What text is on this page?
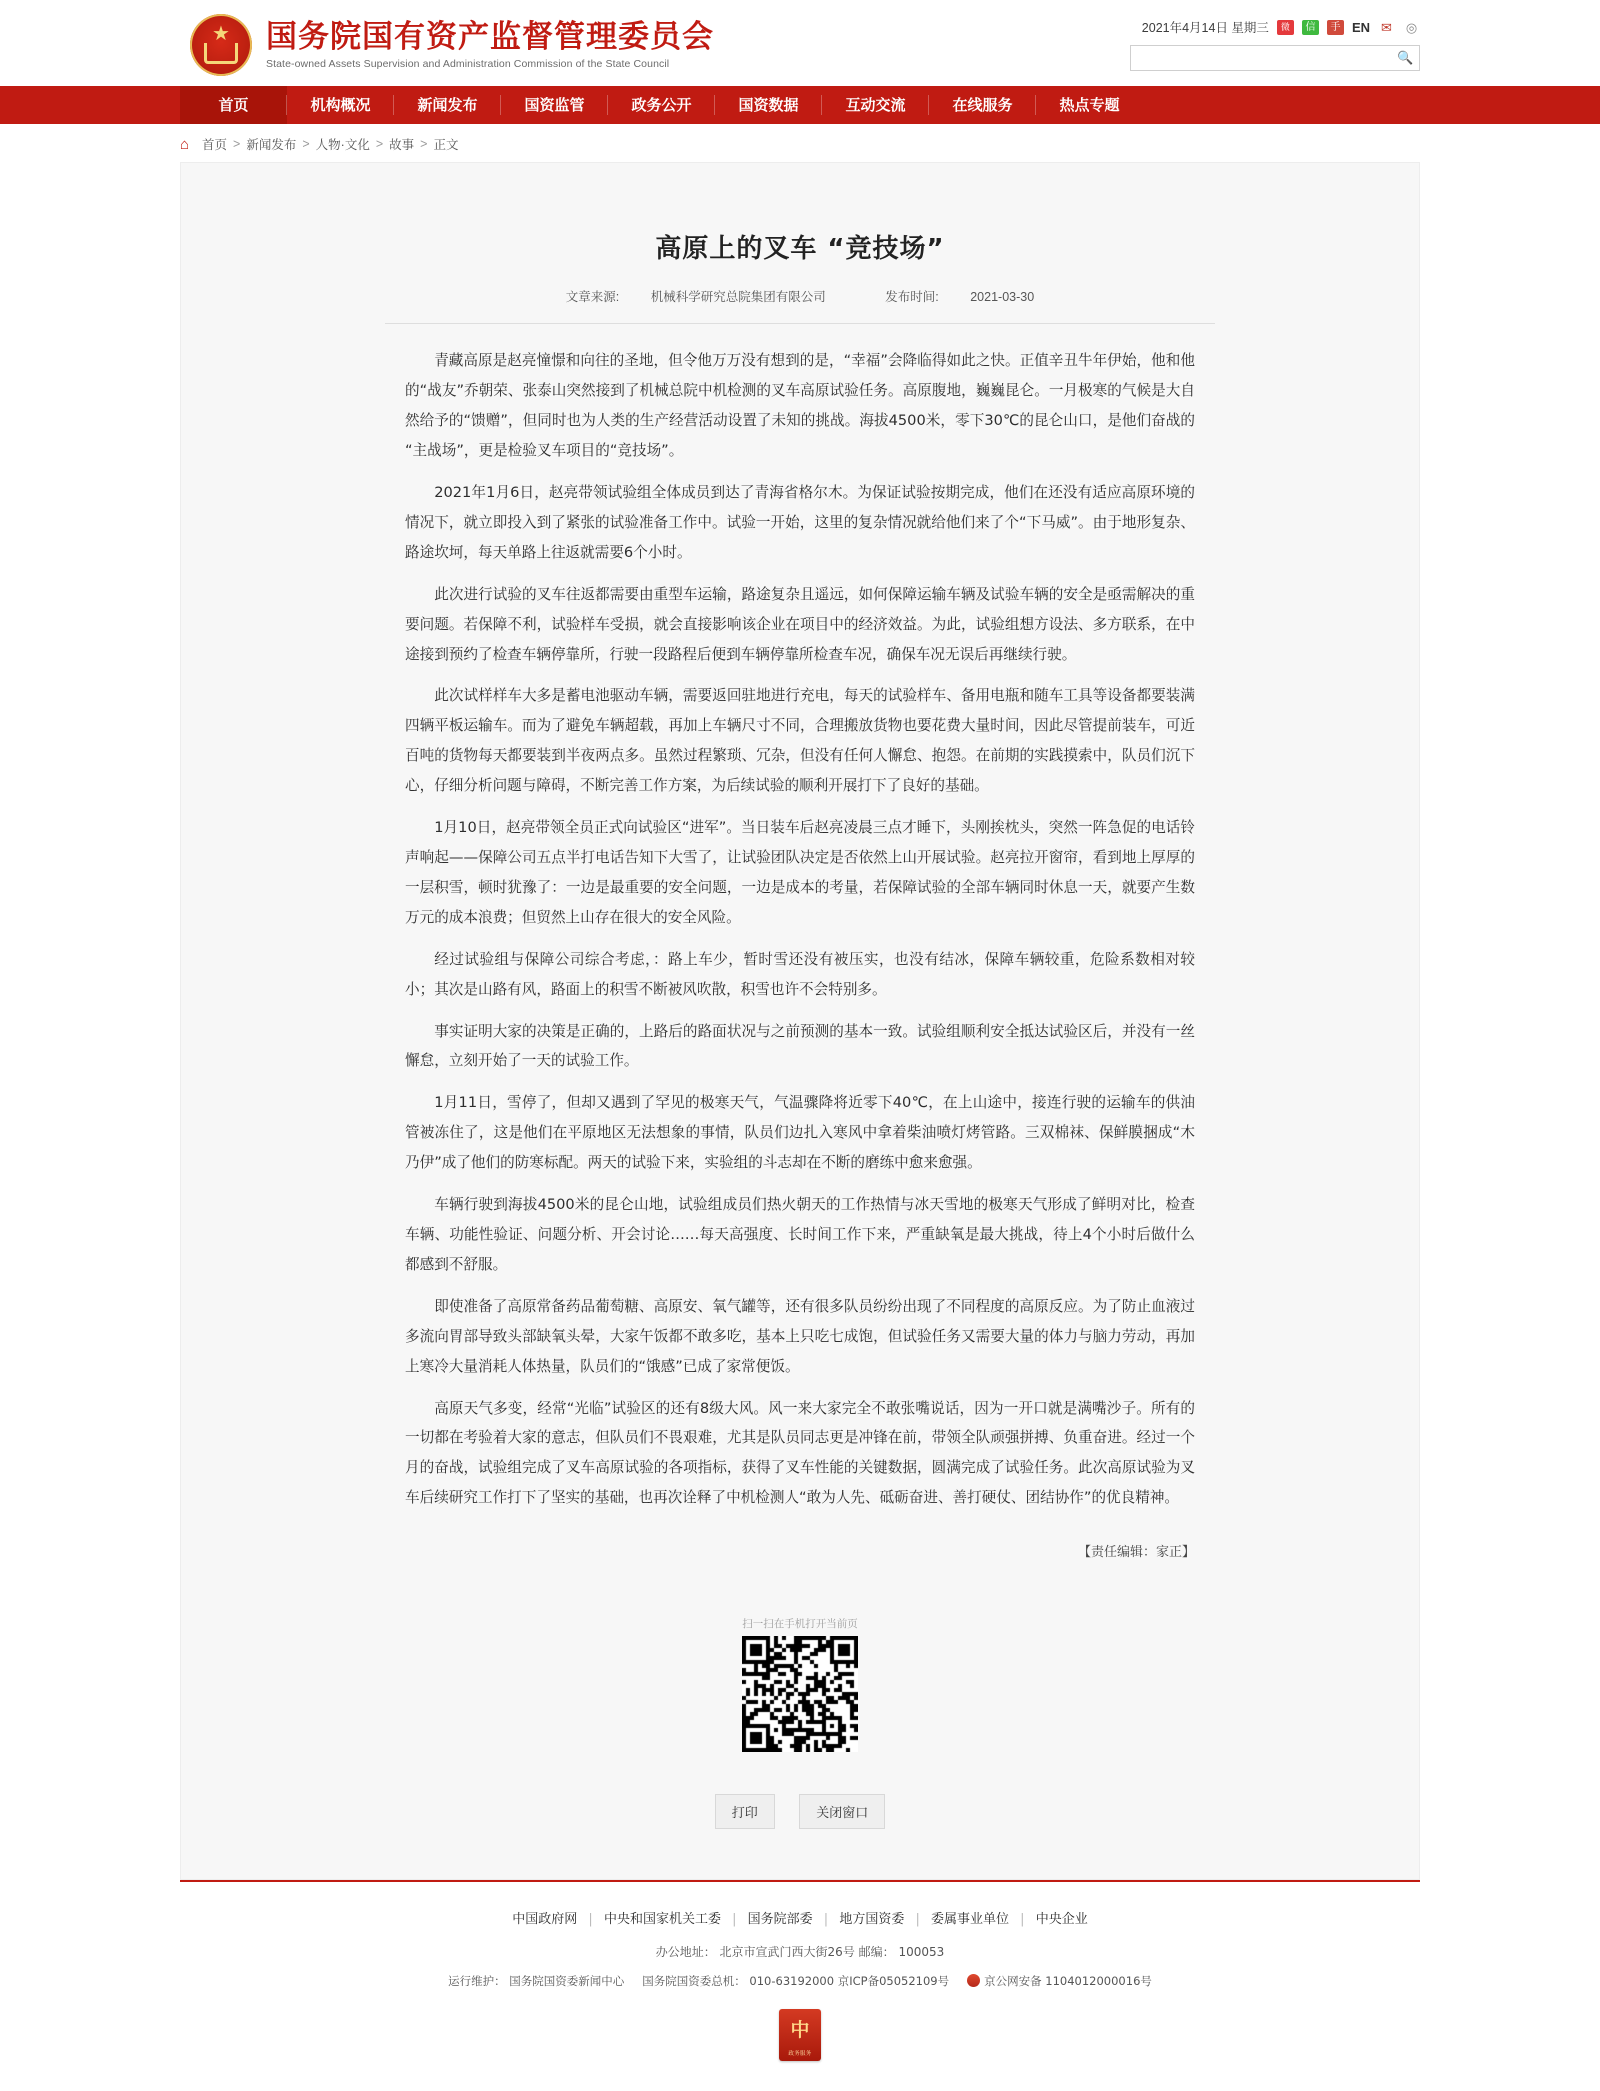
★
国务院国有资产监督管理委员会
State-owned Assets Supervision and Administration Commission of the State Council
2021年4月14日 星期三	微	信	手 EN ✉ ◎
🔍
首页	机构概况	新闻发布	国资监管	政务公开	国资数据	互动交流	在线服务	热点专题
⌂
首页 > 新闻发布 > 人物·文化 > 故事 > 正文
高原上的叉车 “竞技场”
文章来源:	机械科学研究总院集团有限公司	发布时间:	2021-03-30

青藏高原是赵亮憧憬和向往的圣地，但令他万万没有想到的是，“幸福”会降临得如此之快。正值辛丑牛年伊始，他和他的“战友”乔朝荣、张泰山突然接到了机械总院中机检测的叉车高原试验任务。高原腹地，巍巍昆仑。一月极寒的气候是大自然给予的“馈赠”，但同时也为人类的生产经营活动设置了未知的挑战。海拔4500米，零下30℃的昆仑山口，是他们奋战的“主战场”，更是检验叉车项目的“竞技场”。

2021年1月6日，赵亮带领试验组全体成员到达了青海省格尔木。为保证试验按期完成，他们在还没有适应高原环境的情况下，就立即投入到了紧张的试验准备工作中。试验一开始，这里的复杂情况就给他们来了个“下马威”。由于地形复杂、路途坎坷，每天单路上往返就需要6个小时。

此次进行试验的叉车往返都需要由重型车运输，路途复杂且遥远，如何保障运输车辆及试验车辆的安全是亟需解决的重要问题。若保障不利，试验样车受损，就会直接影响该企业在项目中的经济效益。为此，试验组想方设法、多方联系，在中途接到预约了检查车辆停靠所，行驶一段路程后便到车辆停靠所检查车况，确保车况无误后再继续行驶。

此次试样样车大多是蓄电池驱动车辆，需要返回驻地进行充电，每天的试验样车、备用电瓶和随车工具等设备都要装满四辆平板运输车。而为了避免车辆超载，再加上车辆尺寸不同，合理搬放货物也要花费大量时间，因此尽管提前装车，可近百吨的货物每天都要装到半夜两点多。虽然过程繁琐、冗杂，但没有任何人懈怠、抱怨。在前期的实践摸索中，队员们沉下心，仔细分析问题与障碍，不断完善工作方案，为后续试验的顺利开展打下了良好的基础。

1月10日，赵亮带领全员正式向试验区“进军”。当日装车后赵亮凌晨三点才睡下，头刚挨枕头，突然一阵急促的电话铃声响起——保障公司五点半打电话告知下大雪了，让试验团队决定是否依然上山开展试验。赵亮拉开窗帘，看到地上厚厚的一层积雪，顿时犹豫了：一边是最重要的安全问题，一边是成本的考量，若保障试验的全部车辆同时休息一天，就要产生数万元的成本浪费；但贸然上山存在很大的安全风险。

经过试验组与保障公司综合考虑，：路上车少，暂时雪还没有被压实，也没有结冰，保障车辆较重，危险系数相对较小；其次是山路有风，路面上的积雪不断被风吹散，积雪也许不会特别多。

事实证明大家的决策是正确的，上路后的路面状况与之前预测的基本一致。试验组顺利安全抵达试验区后，并没有一丝懈怠，立刻开始了一天的试验工作。

1月11日，雪停了，但却又遇到了罕见的极寒天气，气温骤降将近零下40℃，在上山途中，接连行驶的运输车的供油管被冻住了，这是他们在平原地区无法想象的事情，队员们边扎入寒风中拿着柴油喷灯烤管路。三双棉袜、保鲜膜捆成“木乃伊”成了他们的防寒标配。两天的试验下来，实验组的斗志却在不断的磨练中愈来愈强。

车辆行驶到海拔4500米的昆仑山地，试验组成员们热火朝天的工作热情与冰天雪地的极寒天气形成了鲜明对比，检查车辆、功能性验证、问题分析、开会讨论……每天高强度、长时间工作下来，严重缺氧是最大挑战，待上4个小时后做什么都感到不舒服。

即使准备了高原常备药品葡萄糖、高原安、氧气罐等，还有很多队员纷纷出现了不同程度的高原反应。为了防止血液过多流向胃部导致头部缺氧头晕，大家午饭都不敢多吃，基本上只吃七成饱，但试验任务又需要大量的体力与脑力劳动，再加上寒冷大量消耗人体热量，队员们的“饿感”已成了家常便饭。

高原天气多变，经常“光临”试验区的还有8级大风。风一来大家完全不敢张嘴说话，因为一开口就是满嘴沙子。所有的一切都在考验着大家的意志，但队员们不畏艰难，尤其是队员同志更是冲锋在前，带领全队顽强拼搏、负重奋进。经过一个月的奋战，试验组完成了叉车高原试验的各项指标，获得了叉车性能的关键数据，圆满完成了试验任务。此次高原试验为叉车后续研究工作打下了坚实的基础，也再次诠释了中机检测人“敢为人先、砥砺奋进、善打硬仗、团结协作”的优良精神。

【责任编辑：家正】
扫一扫在手机打开当前页
打印	关闭窗口
中国政府网 | 中央和国家机关工委 | 国务院部委 | 地方国资委 | 委属事业单位 | 中央企业
办公地址： 北京市宣武门西大街26号 邮编： 100053
运行维护： 国务院国资委新闻中心 国务院国资委总机： 010-63192000 京ICP备05052109号	京公网安备 1104012000016号
中 政务服务
